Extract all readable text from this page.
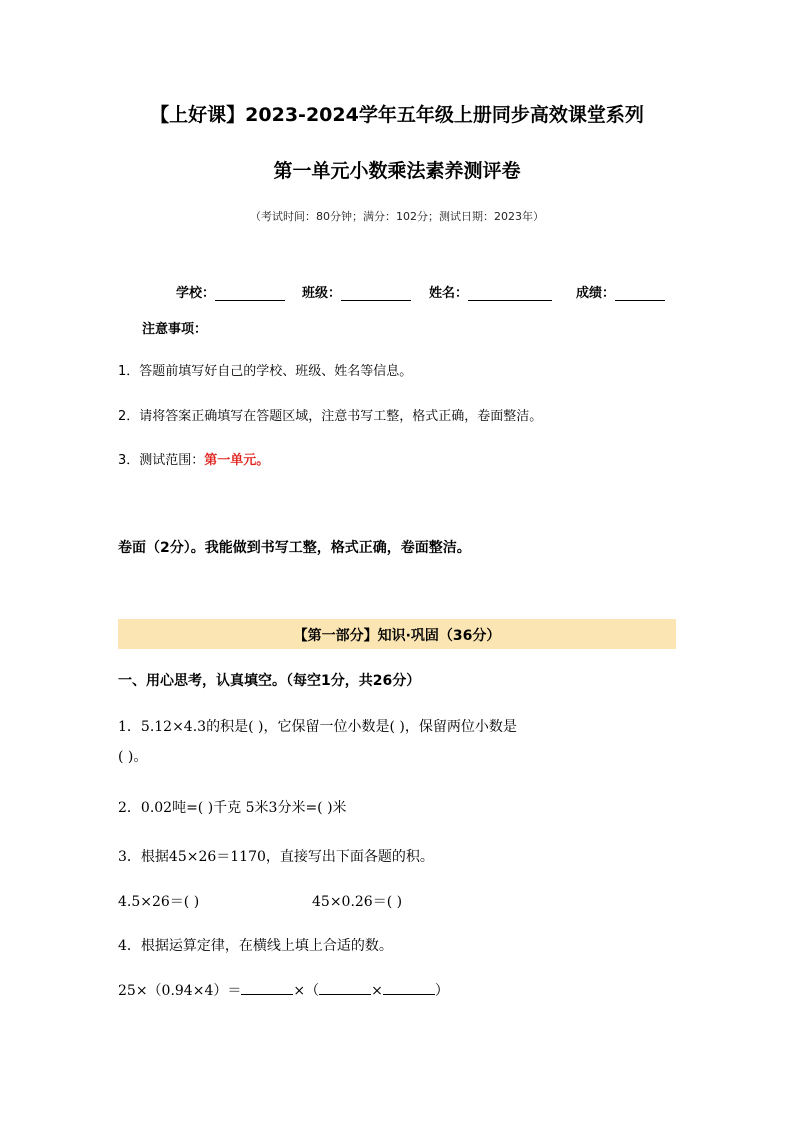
【上好课】2023-2024学年五年级上册同步高效课堂系列
第一单元小数乘法素养测评卷
（考试时间：80分钟；满分：102分；测试日期：2023年）
学校：	班级：	姓名：	成绩：
注意事项：
1．答题前填写好自己的学校、班级、姓名等信息。
2．请将答案正确填写在答题区域，注意书写工整，格式正确，卷面整洁。
3．测试范围：第一单元。
卷面（2分）。我能做到书写工整，格式正确，卷面整洁。
【第一部分】知识·巩固（36分）
一、用心思考，认真填空。（每空1分，共26分）
1．5.12×4.3的积是( )，它保留一位小数是( )，保留两位小数是
( )。
2．0.02吨=( )千克 5米3分米=( )米
3．根据45×26＝1170，直接写出下面各题的积。
4.5×26＝( )	45×0.26＝( )
4．根据运算定律，在横线上填上合适的数。
25×（0.94×4）＝	×（	×	）
